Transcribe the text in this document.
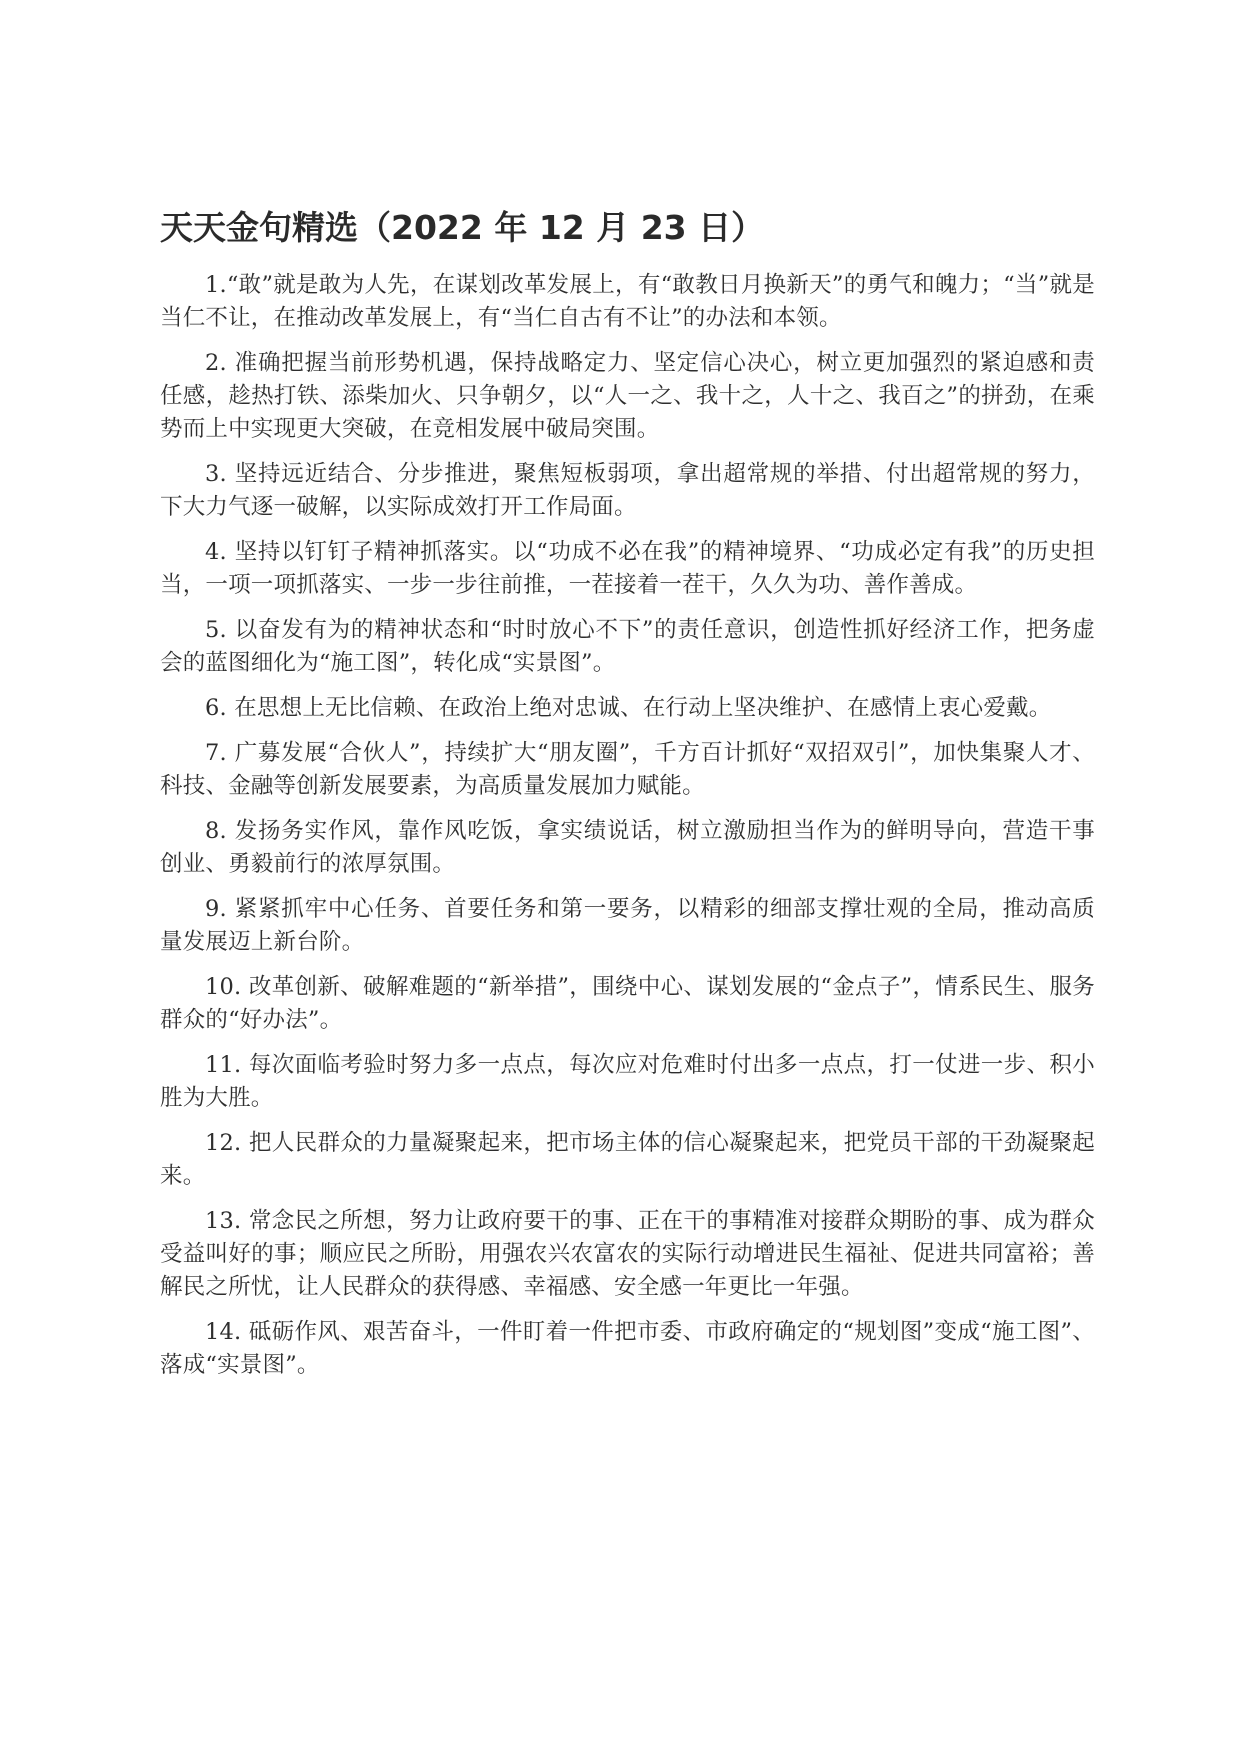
天天金句精选（2022 年 12 月 23 日）

1.“敢”就是敢为人先，在谋划改革发展上，有“敢教日月换新天”的勇气和魄力；“当”就是当仁不让，在推动改革发展上，有“当仁自古有不让”的办法和本领。

2. 准确把握当前形势机遇，保持战略定力、坚定信心决心，树立更加强烈的紧迫感和责任感，趁热打铁、添柴加火、只争朝夕，以“人一之、我十之，人十之、我百之”的拼劲，在乘势而上中实现更大突破，在竞相发展中破局突围。

3. 坚持远近结合、分步推进，聚焦短板弱项，拿出超常规的举措、付出超常规的努力，下大力气逐一破解，以实际成效打开工作局面。

4. 坚持以钉钉子精神抓落实。以“功成不必在我”的精神境界、“功成必定有我”的历史担当，一项一项抓落实、一步一步往前推，一茬接着一茬干，久久为功、善作善成。

5. 以奋发有为的精神状态和“时时放心不下”的责任意识，创造性抓好经济工作，把务虚会的蓝图细化为“施工图”，转化成“实景图”。

6. 在思想上无比信赖、在政治上绝对忠诚、在行动上坚决维护、在感情上衷心爱戴。

7. 广募发展“合伙人”，持续扩大“朋友圈”，千方百计抓好“双招双引”，加快集聚人才、科技、金融等创新发展要素，为高质量发展加力赋能。

8. 发扬务实作风，靠作风吃饭，拿实绩说话，树立激励担当作为的鲜明导向，营造干事创业、勇毅前行的浓厚氛围。

9. 紧紧抓牢中心任务、首要任务和第一要务，以精彩的细部支撑壮观的全局，推动高质量发展迈上新台阶。

10. 改革创新、破解难题的“新举措”，围绕中心、谋划发展的“金点子”，情系民生、服务群众的“好办法”。

11. 每次面临考验时努力多一点点，每次应对危难时付出多一点点，打一仗进一步、积小胜为大胜。

12. 把人民群众的力量凝聚起来，把市场主体的信心凝聚起来，把党员干部的干劲凝聚起来。

13. 常念民之所想，努力让政府要干的事、正在干的事精准对接群众期盼的事、成为群众受益叫好的事；顺应民之所盼，用强农兴农富农的实际行动增进民生福祉、促进共同富裕；善解民之所忧，让人民群众的获得感、幸福感、安全感一年更比一年强。

14. 砥砺作风、艰苦奋斗，一件盯着一件把市委、市政府确定的“规划图”变成“施工图”、落成“实景图”。
